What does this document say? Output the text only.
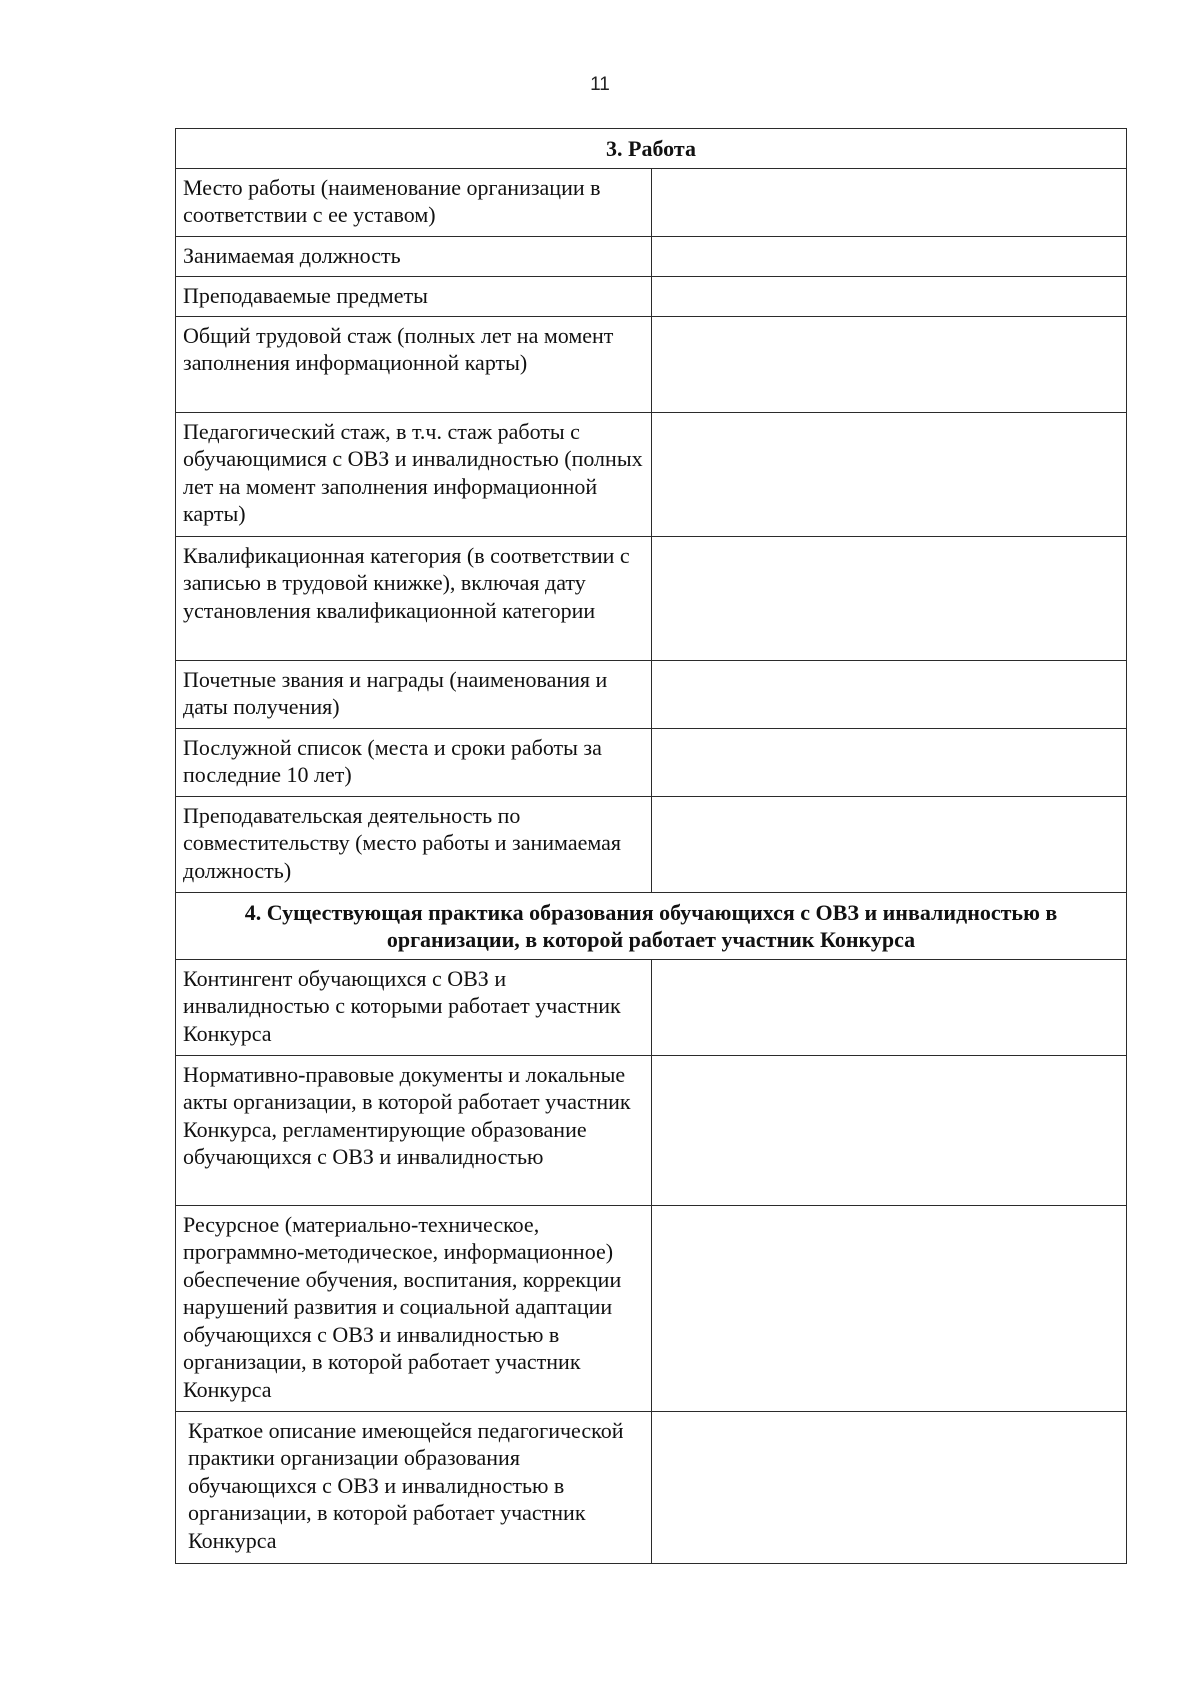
11
3. Работа	
Место работы (наименование организации в соответствии с ее уставом)	
Занимаемая должность	
Преподаваемые предметы	
Общий трудовой стаж (полных лет на момент заполнения информационной карты)	
Педагогический стаж, в т.ч. стаж работы с обучающимися с ОВЗ и инвалидностью (полных лет на момент заполнения информационной карты)	
Квалификационная категория (в соответствии с записью в трудовой книжке), включая дату установления квалификационной категории	
Почетные звания и награды (наименования и даты получения)	
Послужной список (места и сроки работы за последние 10 лет)	
Преподавательская деятельность по совместительству (место работы и занимаемая должность)	
4. Существующая практика образования обучающихся с ОВЗ и инвалидностью в организации, в которой работает участник Конкурса	
Контингент обучающихся с ОВЗ и инвалидностью с которыми работает участник Конкурса	
Нормативно-правовые документы и локальные акты организации, в которой работает участник Конкурса, регламентирующие образование обучающихся с ОВЗ и инвалидностью	
Ресурсное (материально-техническое, программно-методическое, информационное) обеспечение обучения, воспитания, коррекции нарушений развития и социальной адаптации обучающихся с ОВЗ и инвалидностью в организации, в которой работает участник Конкурса	
Краткое описание имеющейся педагогической практики организации образования обучающихся с ОВЗ и инвалидностью в организации, в которой работает участник Конкурса	
